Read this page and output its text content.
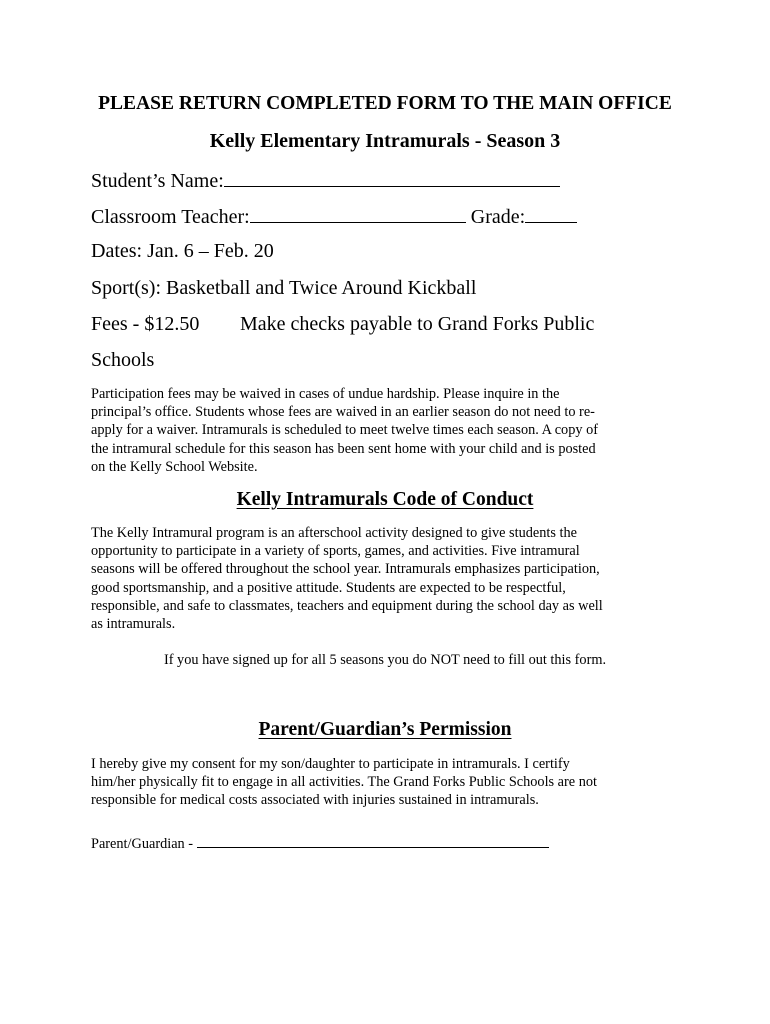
PLEASE RETURN COMPLETED FORM TO THE MAIN OFFICE
Kelly Elementary Intramurals - Season 3
Student’s Name:
Classroom Teacher:	Grade:
Dates: Jan. 6 – Feb. 20
Sport(s): Basketball and Twice Around Kickball
Fees - $12.50 Make checks payable to Grand Forks Public
Schools

Participation fees may be waived in cases of undue hardship. Please inquire in the

principal’s office. Students whose fees are waived in an earlier season do not need to re-

apply for a waiver. Intramurals is scheduled to meet twelve times each season. A copy of

the intramural schedule for this season has been sent home with your child and is posted

on the Kelly School Website.

Kelly Intramurals Code of Conduct

The Kelly Intramural program is an afterschool activity designed to give students the

opportunity to participate in a variety of sports, games, and activities. Five intramural

seasons will be offered throughout the school year. Intramurals emphasizes participation,

good sportsmanship, and a positive attitude. Students are expected to be respectful,

responsible, and safe to classmates, teachers and equipment during the school day as well

as intramurals.

If you have signed up for all 5 seasons you do NOT need to fill out this form.
Parent/Guardian’s Permission

I hereby give my consent for my son/daughter to participate in intramurals. I certify

him/her physically fit to engage in all activities. The Grand Forks Public Schools are not

responsible for medical costs associated with injuries sustained in intramurals.

Parent/Guardian -
